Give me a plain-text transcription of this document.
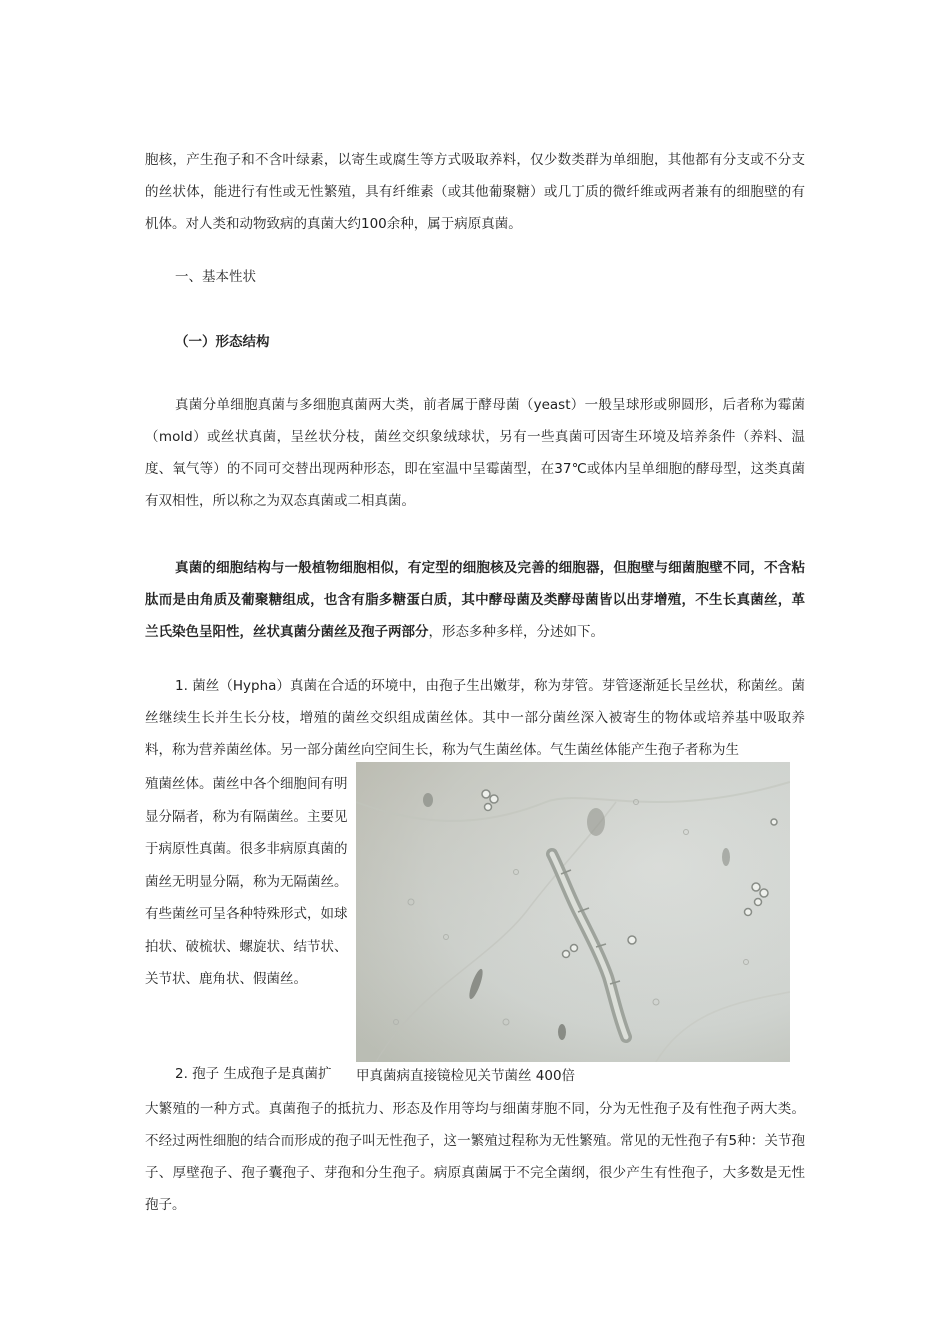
胞核，产生孢子和不含叶绿素，以寄生或腐生等方式吸取养料，仅少数类群为单细胞，其他都有分支或不分支的丝状体，能进行有性或无性繁殖，具有纤维素（或其他葡聚糖）或几丁质的微纤维或两者兼有的细胞壁的有机体。对人类和动物致病的真菌大约100余种，属于病原真菌。

一、基本性状

（一）形态结构

真菌分单细胞真菌与多细胞真菌两大类，前者属于酵母菌（yeast）一般呈球形或卵圆形，后者称为霉菌（mold）或丝状真菌，呈丝状分枝，菌丝交织象绒球状，另有一些真菌可因寄生环境及培养条件（养料、温度、氧气等）的不同可交替出现两种形态，即在室温中呈霉菌型，在37℃或体内呈单细胞的酵母型，这类真菌有双相性，所以称之为双态真菌或二相真菌。

真菌的细胞结构与一般植物细胞相似，有定型的细胞核及完善的细胞器，但胞壁与细菌胞壁不同，不含粘肽而是由角质及葡聚糖组成，也含有脂多糖蛋白质，其中酵母菌及类酵母菌皆以出芽增殖，不生长真菌丝，革兰氏染色呈阳性，丝状真菌分菌丝及孢子两部分，形态多种多样，分述如下。

1. 菌丝（Hypha）真菌在合适的环境中，由孢子生出嫩芽，称为芽管。芽管逐渐延长呈丝状，称菌丝。菌丝继续生长并生长分枝，增殖的菌丝交织组成菌丝体。其中一部分菌丝深入被寄生的物体或培养基中吸取养料，称为营养菌丝体。另一部分菌丝向空间生长，称为气生菌丝体。气生菌丝体能产生孢子者称为生

殖菌丝体。菌丝中各个细胞间有明显分隔者，称为有隔菌丝。主要见于病原性真菌。很多非病原真菌的菌丝无明显分隔，称为无隔菌丝。有些菌丝可呈各种特殊形式，如球拍状、破梳状、螺旋状、结节状、关节状、鹿角状、假菌丝。

甲真菌病直接镜检见关节菌丝 400倍

2. 孢子 生成孢子是真菌扩

大繁殖的一种方式。真菌孢子的抵抗力、形态及作用等均与细菌芽胞不同，分为无性孢子及有性孢子两大类。不经过两性细胞的结合而形成的孢子叫无性孢子，这一繁殖过程称为无性繁殖。常见的无性孢子有5种：关节孢子、厚壁孢子、孢子囊孢子、芽孢和分生孢子。病原真菌属于不完全菌纲，很少产生有性孢子，大多数是无性孢子。
